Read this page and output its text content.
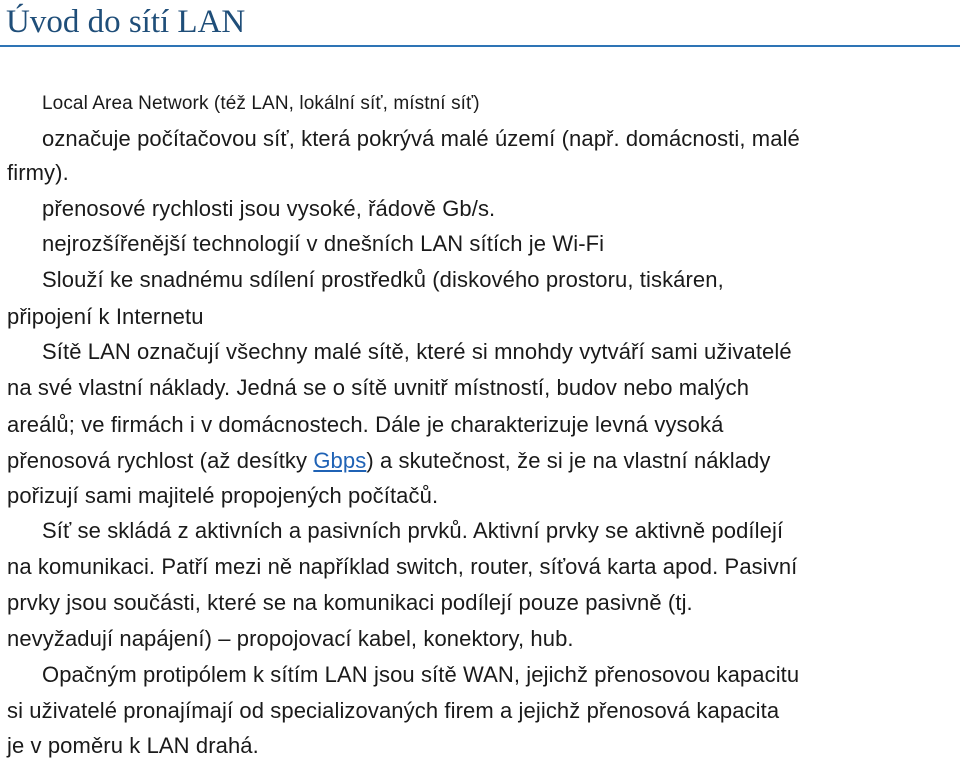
Úvod do sítí LAN
Local Area Network (též LAN, lokální síť, místní síť)
označuje počítačovou síť, která pokrývá malé území (např. domácnosti, malé
firmy).
přenosové rychlosti jsou vysoké, řádově Gb/s.
nejrozšířenější technologií v dnešních LAN sítích je Wi-Fi
Slouží ke snadnému sdílení prostředků (diskového prostoru, tiskáren,
připojení k Internetu
Sítě LAN označují všechny malé sítě, které si mnohdy vytváří sami uživatelé
na své vlastní náklady. Jedná se o sítě uvnitř místností, budov nebo malých
areálů; ve firmách i v domácnostech. Dále je charakterizuje levná vysoká
přenosová rychlost (až desítky Gbps) a skutečnost, že si je na vlastní náklady
pořizují sami majitelé propojených počítačů.
Síť se skládá z aktivních a pasivních prvků. Aktivní prvky se aktivně podílejí
na komunikaci. Patří mezi ně například switch, router, síťová karta apod. Pasivní
prvky jsou součásti, které se na komunikaci podílejí pouze pasivně (tj.
nevyžadují napájení) – propojovací kabel, konektory, hub.
Opačným protipólem k sítím LAN jsou sítě WAN, jejichž přenosovou kapacitu
si uživatelé pronajímají od specializovaných firem a jejichž přenosová kapacita
je v poměru k LAN drahá.
